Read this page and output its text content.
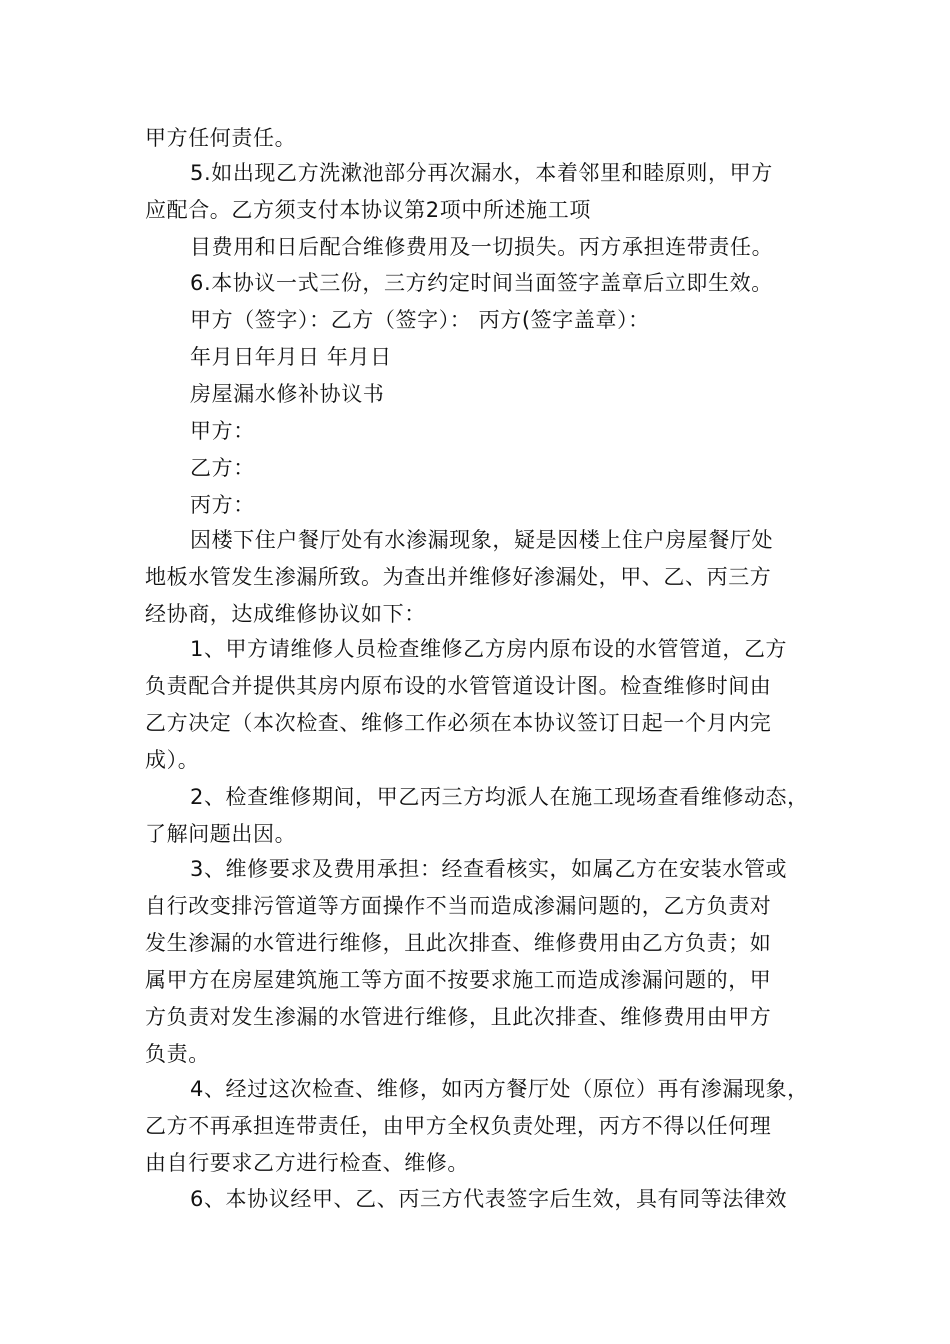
甲方任何责任。
5.如出现乙方洗漱池部分再次漏水，本着邻里和睦原则，甲方
应配合。乙方须支付本协议第2项中所述施工项
目费用和日后配合维修费用及一切损失。丙方承担连带责任。
6.本协议一式三份，三方约定时间当面签字盖章后立即生效。
甲方（签字）：乙方（签字）： 丙方(签字盖章）：
年月日年月日 年月日
房屋漏水修补协议书
甲方：
乙方：
丙方：
因楼下住户餐厅处有水渗漏现象，疑是因楼上住户房屋餐厅处
地板水管发生渗漏所致。为查出并维修好渗漏处，甲、乙、丙三方
经协商，达成维修协议如下：
1、甲方请维修人员检查维修乙方房内原布设的水管管道，乙方
负责配合并提供其房内原布设的水管管道设计图。检查维修时间由
乙方决定（本次检查、维修工作必须在本协议签订日起一个月内完
成）。
2、检查维修期间，甲乙丙三方均派人在施工现场查看维修动态，
了解问题出因。
3、维修要求及费用承担：经查看核实，如属乙方在安装水管或
自行改变排污管道等方面操作不当而造成渗漏问题的，乙方负责对
发生渗漏的水管进行维修，且此次排查、维修费用由乙方负责；如
属甲方在房屋建筑施工等方面不按要求施工而造成渗漏问题的，甲
方负责对发生渗漏的水管进行维修，且此次排查、维修费用由甲方
负责。
4、经过这次检查、维修，如丙方餐厅处（原位）再有渗漏现象，
乙方不再承担连带责任，由甲方全权负责处理，丙方不得以任何理
由自行要求乙方进行检查、维修。
6、本协议经甲、乙、丙三方代表签字后生效，具有同等法律效
